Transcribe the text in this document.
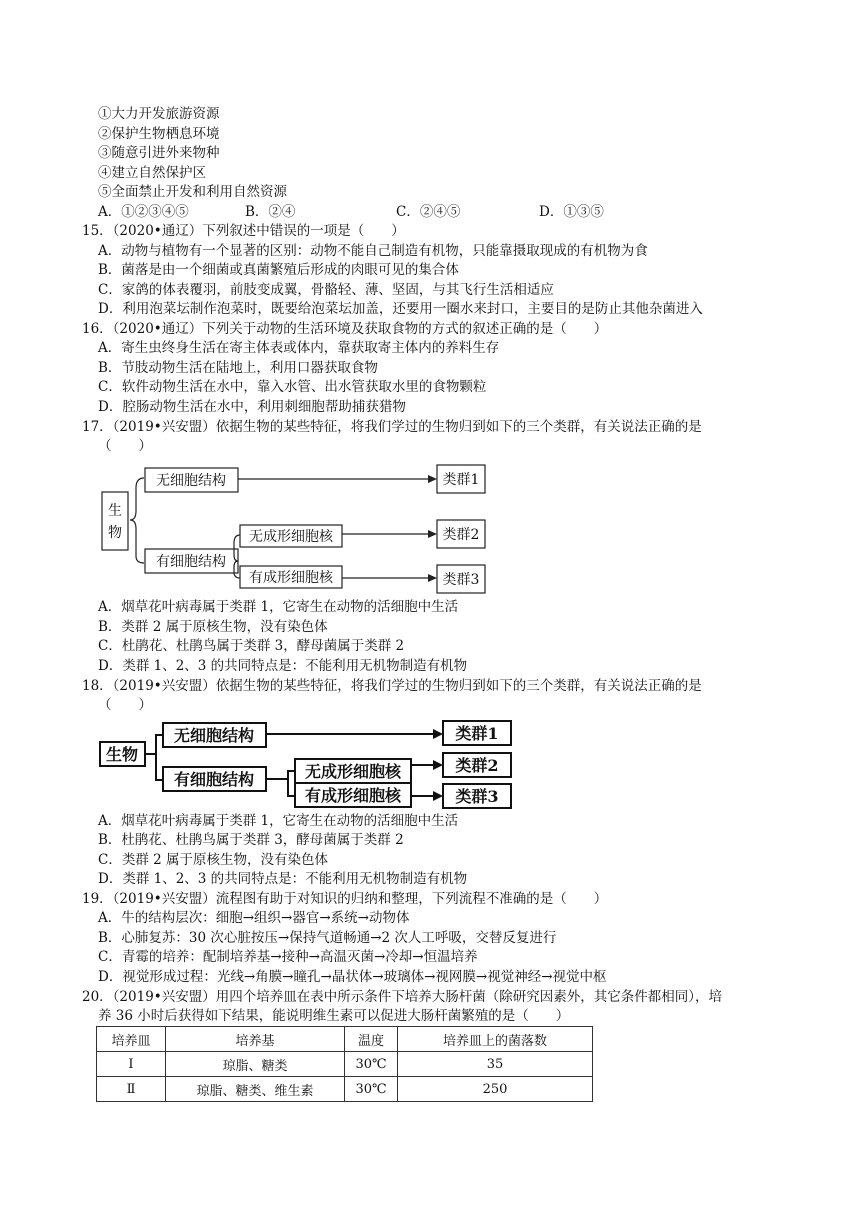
①大力开发旅游资源
②保护生物栖息环境
③随意引进外来物种
④建立自然保护区
⑤全面禁止开发和利用自然资源
A．①②③④⑤	B．②④	C．②④⑤	D．①③⑤
15．（2020•通辽）下列叙述中错误的一项是（　　）
A．动物与植物有一个显著的区别：动物不能自己制造有机物，只能靠摄取现成的有机物为食
B．菌落是由一个细菌或真菌繁殖后形成的肉眼可见的集合体
C．家鸽的体表覆羽，前肢变成翼，骨骼轻、薄、坚固，与其飞行生活相适应
D．利用泡菜坛制作泡菜时，既要给泡菜坛加盖，还要用一圈水来封口，主要目的是防止其他杂菌进入
16．（2020•通辽）下列关于动物的生活环境及获取食物的方式的叙述正确的是（　　）
A．寄生虫终身生活在寄主体表或体内，靠获取寄主体内的养料生存
B．节肢动物生活在陆地上，利用口器获取食物
C．软件动物生活在水中，靠入水管、出水管获取水里的食物颗粒
D．腔肠动物生活在水中，利用刺细胞帮助捕获猎物
17．（2019•兴安盟）依据生物的某些特征，将我们学过的生物归到如下的三个类群，有关说法正确的是
（　　）
生
物
无细胞结构
有细胞结构
无成形细胞核
有成形细胞核
类群1
类群2
类群3
A．烟草花叶病毒属于类群 1，它寄生在动物的活细胞中生活
B．类群 2 属于原核生物，没有染色体
C．杜鹃花、杜鹃鸟属于类群 3，酵母菌属于类群 2
D．类群 1、2、3 的共同特点是：不能利用无机物制造有机物
18．（2019•兴安盟）依据生物的某些特征，将我们学过的生物归到如下的三个类群，有关说法正确的是
（　　）
生物
无细胞结构
有细胞结构	无成形细胞核
有成形细胞核
类群1
类群2
类群3
A．烟草花叶病毒属于类群 1，它寄生在动物的活细胞中生活
B．杜鹃花、杜鹃鸟属于类群 3，酵母菌属于类群 2
C．类群 2 属于原核生物，没有染色体
D．类群 1、2、3 的共同特点是：不能利用无机物制造有机物
19．（2019•兴安盟）流程图有助于对知识的归纳和整理，下列流程不准确的是（　　）
A．牛的结构层次：细胞→组织→器官→系统→动物体
B．心肺复苏：30 次心脏按压→保持气道畅通→2 次人工呼吸，交替反复进行
C．青霉的培养：配制培养基→接种→高温灭菌→冷却→恒温培养
D．视觉形成过程：光线→角膜→瞳孔→晶状体→玻璃体→视网膜→视觉神经→视觉中枢
20．（2019•兴安盟）用四个培养皿在表中所示条件下培养大肠杆菌（除研究因素外，其它条件都相同），培
养 36 小时后获得如下结果，能说明维生素可以促进大肠杆菌繁殖的是（　　）
培养皿	培养基	温度	培养皿上的菌落数
Ⅰ	琼脂、糖类	30℃	35
Ⅱ	琼脂、糖类、维生素	30℃	250
